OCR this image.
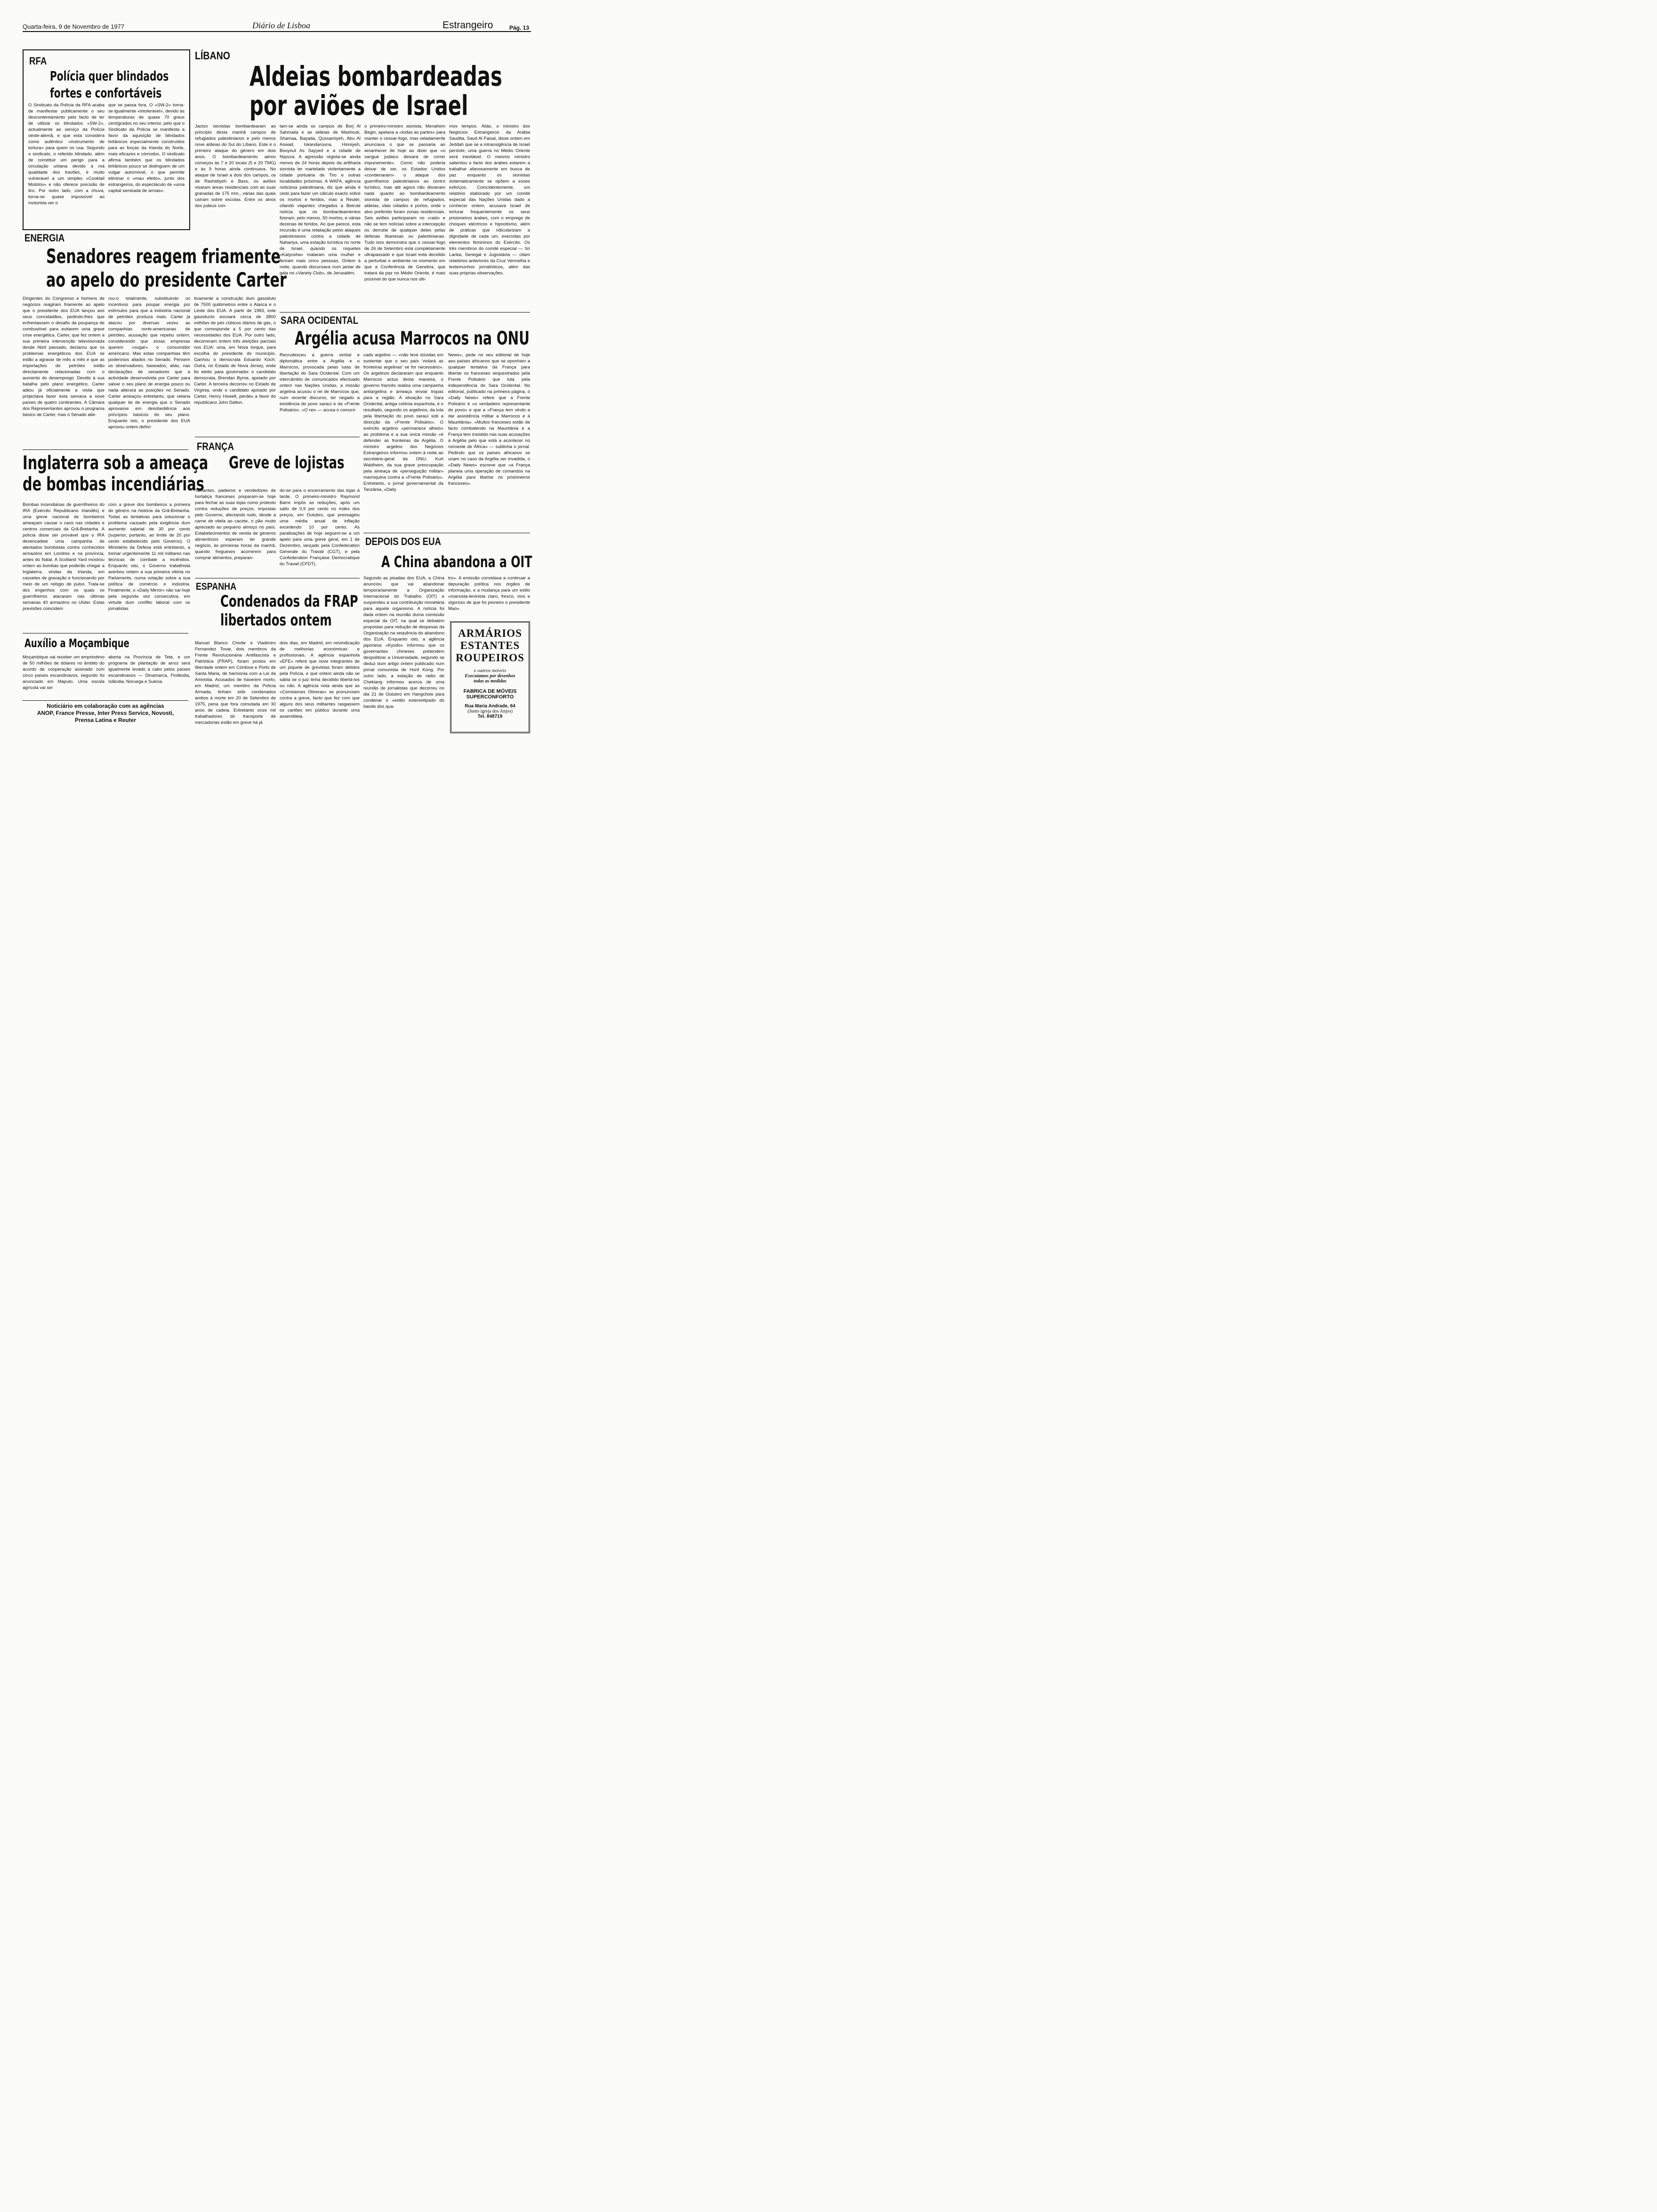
Quarta-feira, 9 de Novembro de 1977	Diário de Lisboa	Estrangeiro	Pág. 13
RFA
Polícia quer blindados
fortes e confortáveis
O Sindicato da Polícia da RFA acaba de manifestar publicamente o seu descontentamento pelo facto de ter de utilizar os blindados «SW-2», actualmente ao serviço da Polícia oeste-alemã, e que esta considera como autêntico «instrumento de tortura» para quem os usa. Segundo o sindicato, o referido blindado, além de constituir um perigo para a circulação urbana devido à má qualidade dos travões, é muito vulnerável a um simples «Cooktail Molotov» e não oferece precisão de tiro. Por outro lado, com a chuva, torna-se quase impossível ao motorista ver o
que se passa fora. O «SW-2» torna-se igualmente «intolerável», devido às temperaturas de quase 70 graus centígrados no seu interior, pelo que o Sindicato da Polícia se manifesta a favor da aquisição de blindados britânicos especialmente construídos para as forças da Irlanda do Norte, mais eficazes e cómodos. O sindicato afirma também que os blindados britânicos pouco se distinguem de um vulgar automóvel, o que permite eliminar o «mau efeito», junto dos estrangeiros, do espectáculo de «uma capital semeada de armas».
LÍBANO
Aldeias bombardeadas
por aviões de Israel
Jactos sionistas bombardearam ao princípio desta manhã campos de refugiados palestinianos e pelo menos nove aldeias do Sul do Líbano. Este é o primeiro ataque do género em dois anos. O bombardeamento aéreo começou às 7 e 20 locais (5 e 20 TMG) e às 9 horas ainda continuava. No ataque de Israel a dois dos campos, os de Rashidiyeh e Bass, os aviões visaram áreas residenciais com as suas granadas de 175 mm., várias das quais caíram sobre escolas. Entre os alvos dos judeus con-
tam-se ainda os campos de Borj Al Sahmalia e as aldeias de Mashouk, Shamaa, Bayada, Qussamiyeh, Abu Al Aswad, Iskandarouna, Hinniyeh, Bouyout As Sayyed e a cidade de Nqoura. A agressão regista-se ainda menos de 24 horas depois da artilharia sionista ter martelado violentamente a cidade portuária de Tiro e outras localidades próximas. A WAFA, agência noticiosa palestiniana, diz que ainda é cedo para fazer um cálculo exacto sobre os mortos e feridos, mas a Reuter, citando viajantes chegados a Beirute notícia que os bombardeamentos fizeram, pelo menos, 50 mortos, e várias dezenas de feridos. Ao que parece, esta incursão é uma retaliação pelos ataques palestinianos contra a cidade de Nahariya, uma estação turística no norte de Israel, quando os roquetes «Katyusha» mataram uma mulher e feriram mais cinco pessoas. Ontem à noite, quando discursava num jantar de gala no «Variety Club», de Jerusalém,
o primeiro-ministro sionista, Menahem Begin, apelava a «todas as partes» para manter o cessar-fogo, mas veladamente anunciava o que se passaria ao amanhecer de hoje ao dizer que «o sangue judaico deixará de correr impunemente». Como não poderia deixar de ser, os Estados Unidos «condenaram» o ataque dos guerrilheiros palestinianos ao centro turístico, mas até agora não disseram nada quanto ao bombardeamento sionista de campos de refugiados, aldeias, vilas cidades e portos, onde o alvo preferido foram zonas residenciais. Seis aviões participaram no «raid» e não se tem notícias sobre a intercepção ou derrube de qualquer deles pelas defesas libanesas ou palestinianas. Tudo isso demonstra que o cessar-fogo de 26 de Setembro está completamente ultrapassado e que Israel está decidido a perturbar o ambiente no momento em que a Conferência de Genebra, que tratará da paz no Médio Oriente, é mais possível do que nunca nos últi-
mos tempos. Aliás, o ministro dos Negócios Estrangeiros da Arábia Saudita, Saud Al Faisal, disse ontem em Jeddah que se a intransigência de Israel persistir, uma guerra no Médio Oriente será inevitável. O mesmo ministro salientou o facto dos árabes estarem a trabalhar afanosamente em busca de paz enquanto os sionistas sistematicamente se opõem a esses esforços. Coincidentemente, um relatório elaborado por um comité especial das Nações Unidas dado a conhecer ontem, acusava Israel de torturar frequentemente os seus prisioneiros árabes, com o emprego de choques eléctricos e hipnotismo, além de práticas que ridicularizam a dignidade de cada um, exercidas por elementos femininos do Exército. Os três membros do comité especial — Sri Lanka, Senegal e Jugoslávia — citam relatórios anteriores da Cruz Vermelha e testemunhos jornalísticos, além das suas próprias observações.
ENERGIA
Senadores reagem friamente
ao apelo do presidente Carter
Dirigentes do Congresso e homens de negócios reagiram friamente ao apelo que o presidente dos EUA lançou aos seus concidadãos, pedindo-lhes que enfrentassem o desafio da poupança de combustível para evitarem uma grave crise energética. Carter, que fez ontem a sua primeira intervenção televisionada desde Abril passado, declarou que os problemas energéticos dos EUA se estão a agravar de mês a mês e que as importações de petróleo estão directamente relacionadas com o aumento do desemprego. Devido à sua batalha pelo plano energético, Carter adiou já oficialmente a visita que projectava fazer esta semana a nove países de quatro continentes. A Câmara dos Representantes aprovou o programa básico de Carter, mas o Senado alte-
rou-o totalmente, substituindo os incentivos para poupar energia por estímulos para que a indústria nacional de petróleo produza mais. Carter já atacou por diversas vezes as companhias norte-americanas de petróleo, acusação que repetiu ontem, considerando que essas empresas querem «sugar» o consumidor americano. Mas estas companhias têm poderosos aliados no Senado. Pensem os observadores, baseados, aliás, nas declarações de senadores que a actividade desenvolvida por Carter para salvar o seu plano de energia pouco ou nada alterará as posições no Senado. Carter ameaçou entretanto, que vetaria qualquer lei de energia que o Senado aprovasse em desobediência aos princípios básicos do seu plano. Enquanto isto, o presidente dos EUA aprovou ontem definí-
tivamente a construção dum gasoduto de 7500 quilómetros entre o Alasca e o Leste dos EUA. A partir de 1983, este gasoducto escoará cerca de 3800 milhões de pés cúbicos diários de gás, o que corresponde a 5 por cento das necessidades dos EUA. Por outro lado, decorreram ontem três eleições parciais nos EUA: uma, em Nova Iorque, para escolha do presidente do município. Ganhou o democrata Eduardo Koch. Outra, no Estado de Nova Jersey, onde foi eleito para governador o candidato democrata, Brendan Byrne, apoiado por Carter. A terceira decorreu no Estado de Virgínia, onde o candidato apoiado por Carter, Henry Howell, perdeu a favor do republicano John Dalton.
SARA OCIDENTAL
Argélia acusa Marrocos na ONU
Recrudesceu a guerra verbal e diplomática entre a Argélia e o Marrocos, provocada pelas lutas de libertação do Sara Ocidental. Com um intercâmbio de comunicados efectuado ontem nas Nações Unidas, a missão argelina acusou o rei de Marrocos que, num recente discurso, ter negado a existência do povo sarauí e da «Frente Polisário». «O rei» — acusa o comuni-
cado argelino — «não teve dúvidas em sustentar que o seu país 'violará as fronteiras argelinas' se for necessário». Os argelinos declararam que enquanto Marrocos actua desta maneira, o governo francês realiza uma campanha antiargelina e ameaça enviar tropas para a região. A situação no Sara Ocidental, antiga colónia espanhola, é o resultado, segundo os argelinos, da luta pela libertação do povo sarauí sob a direcção da «Frente Polisário». O exército argelino «permanece alheio» ao problema e a sua única missão «é defender as fronteiras da Argélia. O ministro argelino dos Negócios Estrangeiros informou ontem à noite ao secretário-geral da ONU, Kurt Waldheim, da sua grave preocupação pela ameaça de «perseguição militar» marroquina contra a «Frente Polisário». Entretanto, o jornal governamental da Tanzânia, «Daily
News», pede no seu editorial de hoje aos países africanos que se oponham a qualquer tentativa da França para libertar os franceses sequestrados pela Frente Polisário que luta pela independência do Sara Ocidental. No editorial, publicado na primeira página, o «Daily News» refere que a Frente Polisário é «o verdadeiro representante do povo» e que a «França tem vindo a dar assistência militar a Marrocos e à Mauritânia». «Muitos franceses estão de facto combatendo na Mauritânia e a França tem insistido nas suas acusações à Argélia pelo que está a acontecer no noroeste de África» — sublinha o jornal. Pedindo que os países africanos se unam no caso da Argélia ser invadida, o «Daily News» escreve que «a França planeia uma operação de comandos na Argélia para libertar os prisioneiros franceses».
Inglaterra sob a ameaça
de bombas incendiárias
Bombas incendiárias de guerrilheiros do IRA (Exército Republicano Irlandês) e uma greve nacional de bombeiros ameaçam causar o caos nas cidades e centros comerciais da Grã-Bretanha. A polícia disse ser provável que o IRA desencadeie uma campanha de atentados bombistas contra conhecidos armazéns em Londres e na província, antes do Natal. A Scotland Yard mostrou ontem as bombas que poderão chegar a Inglaterra, vindas da Irlanda, em cassetes de gravação e funcionando por meio de um relógio de pulso. Trata-se dos engenhos com os quais os guerrilheiros atacaram nas últimas semanas 40 armazéns no Ulster. Estas previsões coincidem
com a greve dos bombeiros a primeira do género na história da Grã-Bretanha. Todas as tentativas para solucionar o problema causado pela exigência dum aumento salarial de 30 por cento (superior, portanto, ao limite de 20 por cento estabelecido pelo Governo). O Ministério da Defesa está entretanto, a treinar urgentemente 11 mil militares nas técnicas de combate a incêndios. Enquanto isto, o Governo trabalhista averbou ontem a sua primeira vitória no Parlamento, numa votação sobre a sua política de comércio e indústria. Finalmente, o «Daily Mirror» não sai hoje pela segunda vez consecutiva, em virtude dum conflito laboral com os jornalistas
FRANÇA
Greve de lojistas
Talhantes, padeiros e vendedores de hortaliça franceses preparam-se hoje para fechar as suas lojas como protesto contra reduções de preços, impostas pelo Governo, afectando tudo, desde a carne de vitela ao cacete, o pão muito apreciado ao pequeno almoço no país. Estabelecimentos de venda de géneros alimentícios esperam ter grande negócio, às primeiras horas da manhã, quando fregueses acorrerem para comprar alimentos, preparan-
do-se para o encerramento das lojas à tarde. O primeiro-ministro Raymond Barre impôs as reduções, após um salto de 0,9 por cento no índex dos preços, em Outubro, que pressagiou uma média anual de inflação excedendo 10 por cento. As paralisações de hoje seguem-se a um apelo para uma greve geral, em 1 de Dezembro, lançado pela Confederation Generale du Travail (CGT), e pela Confederation Française Democratique du Travail (CFDT).
ESPANHA
Condenados da FRAP
libertados ontem
Manuel Blanco Chivite e Vladimiro Fernandez Tovar, dois membros da Frente Revolucionária Antifascista e Patriótica (FRAP), foram postos em liberdade ontem em Córdova e Porto de Santa Maria, de harmonia com a Lei da Amnistia. Acusados de haverem morto, em Madrid, um membro da Polícia Armada, tinham sido condenados ambos à morte em 20 de Setembro de 1975, pena que fora comutada em 30 anos de cadeia. Entretanto onze mil trabalhadores do transporte de mercadorias estão em greve há já
dois dias, em Madrid, em reivindicação de melhorias económicas e profissionais. A agência espanhola «EFE» refere que nove integrantes de um piquete de grevistas foram detidos pela Polícia, e que ontem ainda não se sabia se o juiz tinha decidido libertá-los ou não. A agência nota ainda que as «Comisiones Obreras» se pronunciam contra a greve, facto que fez com que alguns dos seus militantes rasgassem os cartões em público durante uma assembleia.
DEPOIS DOS EUA
A China abandona a OIT
Segundo as pisadas dos EUA, a China anunciou que vai abandonar temporariamente a Organização Internacional do Trabalho (OIT) e suspendeu a sua contribuição monetária para aquele organismo. A notícia foi dada ontem na reunião duma comissão especial da OIT, na qual se debatem propostas para redução de despesas da Organização na sequência do abandono dos EUA. Enquanto isto, a agência japonesa «Kyodo» informou que os governantes chineses pretendem despolitizar a Universidade, segundo se deduz dum artigo ontem publicado num jornal comunista de Honf Kong. Por outro lado, a estação de rádio de Chekiang informou acerca de uma reunião de jornalistas que decorreu no dia 21 de Outubro em Hangchow para condenar o «estilo estereotipado do bando dos qua-
tro». A emissão convidava a continuar a depuração política nos órgãos de informação, e a mudança para um estilo «marxista-leninista claro, fresco, vivo e vigoroso de que foi pioneiro o presidente Mao».
ARMÁRIOS
ESTANTES
ROUPEIROS
e outros móveis
Executamos por desenhos
todas as medidas
FABRICA DE MÓVEIS
SUPERCONFORTO
Rua Maria Andrade, 64
(Junto igreja dos Anjos)
Tel. 848719
Auxílio a Moçambique
Moçambique vai receber um empréstimo de 50 milhões de dólares no âmbito do acordo de cooperação assinado com cinco países escandinavos, segundo foi anunciado em Maputo. Uma escola agrícola vai ser
aberta na Província de Tete, e um programa de plantação de arroz será igualmente levado a cabo pelos países escandinavos — Dinamarca, Finlândia, Islândia, Noruega e Suécia.
Noticiário em colaboração com as agências
ANOP, France Presse, Inter Press Service, Novosti,
Prensa Latina e Reuter
